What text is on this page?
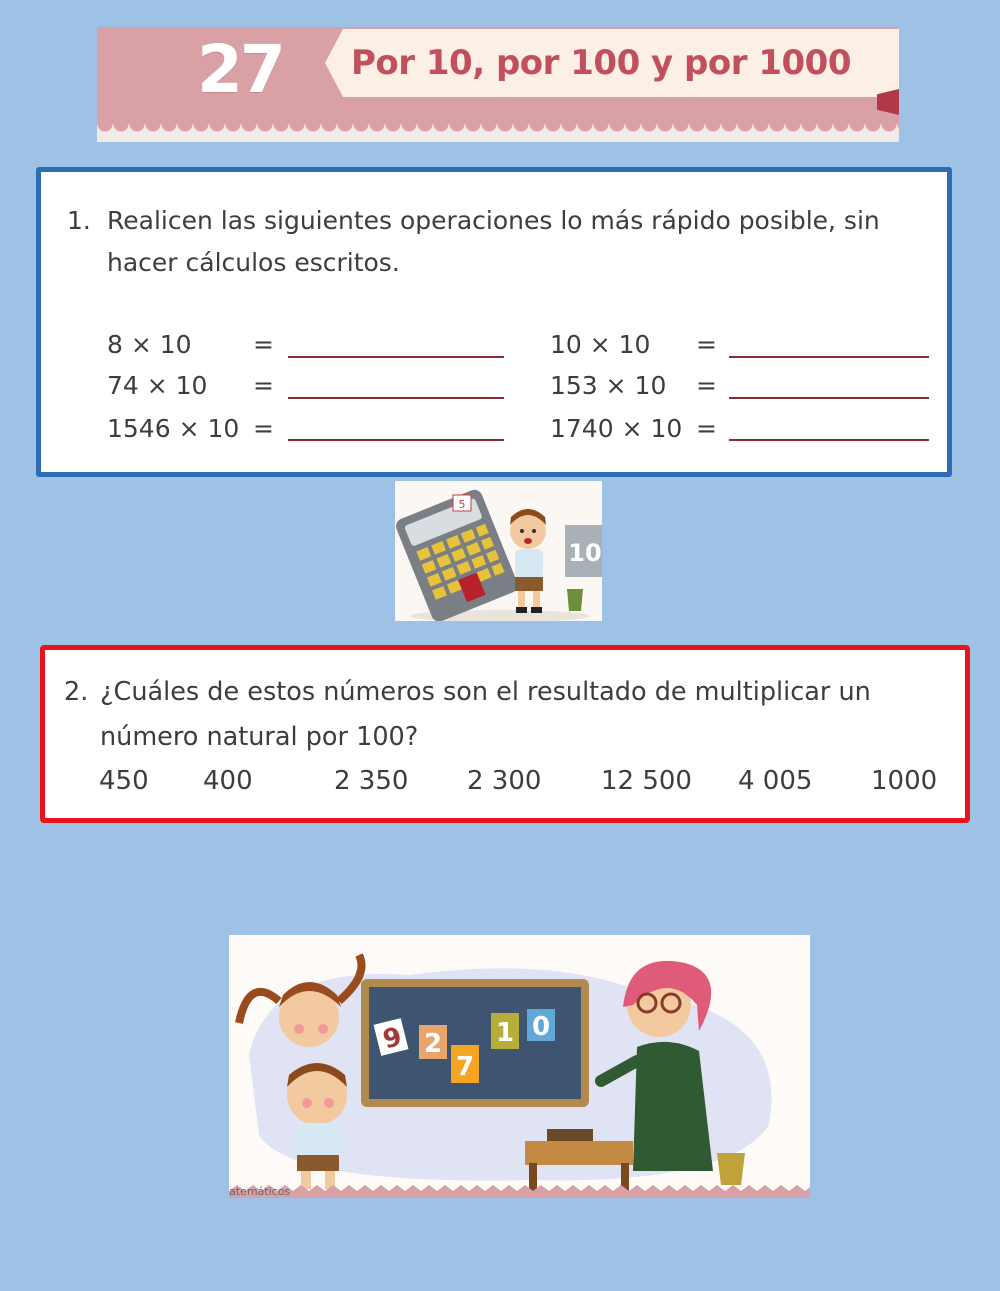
27 Por 10, por 100 y por 1000
1. Realicen las siguientes operaciones lo más rápido posible, sin hacer cálculos escritos.
8 × 10 =
74 × 10 =
1546 × 10 =
10 × 10 =
153 × 10 =
1740 × 10 =
5
10
2. ¿Cuáles de estos números son el resultado de multiplicar un número natural por 100?
450 400	2 350 2 300 12 500 4 005 1000
9 2
7
1 0
atemáticos
